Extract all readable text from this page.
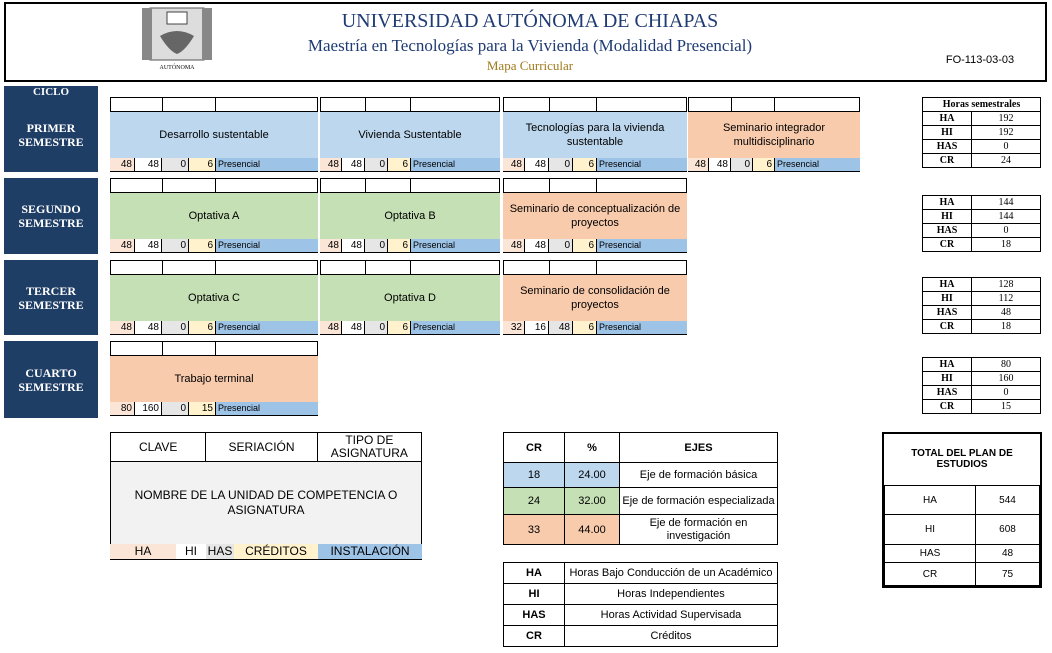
AUTÓNOMA
UNIVERSIDAD AUTÓNOMA DE CHIAPAS
Maestría en Tecnologías para la Vivienda (Modalidad Presencial)
Mapa Curricular	FO-113-03-03
CICLO
PRIMER SEMESTRE
SEGUNDO SEMESTRE
TERCER SEMESTRE
CUARTO SEMESTRE
Desarrollo sustentable
48	48	0	6 Presencial
Vivienda Sustentable
48	48	0	6 Presencial
Tecnologías para la vivienda sustentable
48	48	0	6 Presencial
Seminario integrador multidisciplinario
48	48	0	6 Presencial
Optativa A
48	48	0	6 Presencial
Optativa B
48	48	0	6 Presencial
Seminario de conceptualización de proyectos
48	48	0	6 Presencial
Optativa C
48	48	0	6 Presencial
Optativa D
48	48	0	6 Presencial
Seminario de consolidación de proyectos
32	16	48	6 Presencial
Trabajo terminal
80	160	0	15 Presencial
Horas semestrales	
HA	192
HI	192
HAS	0
CR	24
HA	144
HI	144
HAS	0
CR	18
HA	128
HI	112
HAS	48
CR	18
HA	80
HI	160
HAS	0
CR	15
CLAVE	SERIACIÓN	TIPO DE ASIGNATURA
NOMBRE DE LA UNIDAD DE COMPETENCIA O ASIGNATURA
HA	HI HAS	CRÉDITOS	INSTALACIÓN
CR	%	EJES
18	24.00	Eje de formación básica
24	32.00	Eje de formación especializada
33	44.00	Eje de formación en investigación
HA	Horas Bajo Conducción de un Académico
HI	Horas Independientes
HAS	Horas Actividad Supervisada
CR	Créditos
TOTAL DEL PLAN DE ESTUDIOS	
HA	544
HI	608
HAS	48
CR	75
